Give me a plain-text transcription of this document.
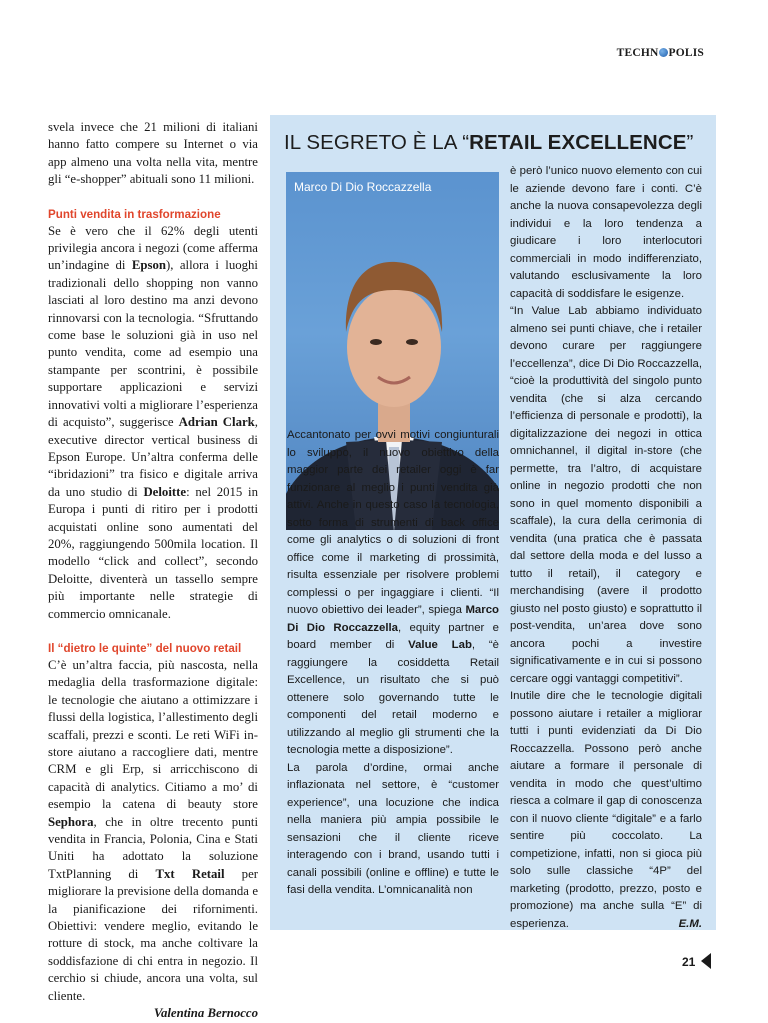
TECHN POLIS

svela invece che 21 milioni di italiani hanno fatto compere su Internet o via app almeno una volta nella vita, mentre gli “e-shopper” abituali sono 11 milioni.

Punti vendita in trasformazione

Se è vero che il 62% degli utenti privilegia ancora i negozi (come afferma un’indagine di Epson), allora i luoghi tradizionali dello shopping non vanno lasciati al loro destino ma anzi devono rinnovarsi con la tecnologia. “Sfruttando come base le soluzioni già in uso nel punto vendita, come ad esempio una stampante per scontrini, è possibile supportare applicazioni e servizi innovativi volti a migliorare l’esperienza di acquisto”, suggerisce Adrian Clark, executive director vertical business di Epson Europe. Un’altra conferma delle “ibridazioni” tra fisico e digitale arriva da uno studio di Deloitte: nel 2015 in Europa i punti di ritiro per i prodotti acquistati online sono aumentati del 20%, raggiungendo 500mila location. Il modello “click and collect”, secondo Deloitte, diventerà un tassello sempre più importante nelle strategie di commercio omnicanale.

Il “dietro le quinte” del nuovo retail

C’è un’altra faccia, più nascosta, nella medaglia della trasformazione digitale: le tecnologie che aiutano a ottimizzare i flussi della logistica, l’allestimento degli scaffali, prezzi e sconti. Le reti WiFi in-store aiutano a raccogliere dati, mentre CRM e gli Erp, si arricchiscono di capacità di analytics. Citiamo a mo’ di esempio la catena di beauty store Sephora, che in oltre trecento punti vendita in Francia, Polonia, Cina e Stati Uniti ha adottato la soluzione TxtPlanning di Txt Retail per migliorare la previsione della domanda e la pianificazione dei rifornimenti. Obiettivi: vendere meglio, evitando le rotture di stock, ma anche coltivare la soddisfazione di chi entra in negozio. Il cerchio si chiude, ancora una volta, sul cliente.

Valentina Bernocco
IL SEGRETO È LA “RETAIL EXCELLENCE”
Marco Di Dio Roccazzella

Accantonato per ovvi motivi congiunturali lo sviluppo, il nuovo obiettivo della maggior parte dei retailer oggi è far funzionare al meglio i punti vendita già attivi. Anche in questo caso la tecnologia, sotto forma di strumenti di back office come gli analytics o di soluzioni di front office come il marketing di prossimità, risulta essenziale per risolvere problemi complessi o per ingaggiare i clienti. “Il nuovo obiettivo dei leader”, spiega Marco Di Dio Roccazzella, equity partner e board member di Value Lab, “è raggiungere la cosiddetta Retail Excellence, un risultato che si può ottenere solo governando tutte le componenti del retail moderno e utilizzando al meglio gli strumenti che la tecnologia mette a disposizione”.

La parola d’ordine, ormai anche inflazionata nel settore, è “customer experience”, una locuzione che indica nella maniera più ampia possibile le sensazioni che il cliente riceve interagendo con i brand, usando tutti i canali possibili (online e offline) e tutte le fasi della vendita. L’omnicanalità non

è però l’unico nuovo elemento con cui le aziende devono fare i conti. C’è anche la nuova consapevolezza degli individui e la loro tendenza a giudicare i loro interlocutori commerciali in modo indifferenziato, valutando esclusivamente la loro capacità di soddisfare le esigenze.

“In Value Lab abbiamo individuato almeno sei punti chiave, che i retailer devono curare per raggiungere l’eccellenza”, dice Di Dio Roccazzella, “cioè la produttività del singolo punto vendita (che si alza cercando l’efficienza di personale e prodotti), la digitalizzazione dei negozi in ottica omnichannel, il digital in-store (che permette, tra l’altro, di acquistare online in negozio prodotti che non sono in quel momento disponibili a scaffale), la cura della cerimonia di vendita (una pratica che è passata dal settore della moda e del lusso a tutto il retail), il category e merchandising (avere il prodotto giusto nel posto giusto) e soprattutto il post-vendita, un’area dove sono ancora pochi a investire significativamente e in cui si possono cercare oggi vantaggi competitivi”.

Inutile dire che le tecnologie digitali possono aiutare i retailer a migliorar tutti i punti evidenziati da Di Dio Roccazzella. Possono però anche aiutare a formare il personale di vendita in modo che quest’ultimo riesca a colmare il gap di conoscenza con il nuovo cliente “digitale” e a farlo sentire più coccolato. La competizione, infatti, non si gioca più solo sulle classiche “4P” del marketing (prodotto, prezzo, posto e promozione) ma anche sulla “E” di esperienza.	E.M.

21
